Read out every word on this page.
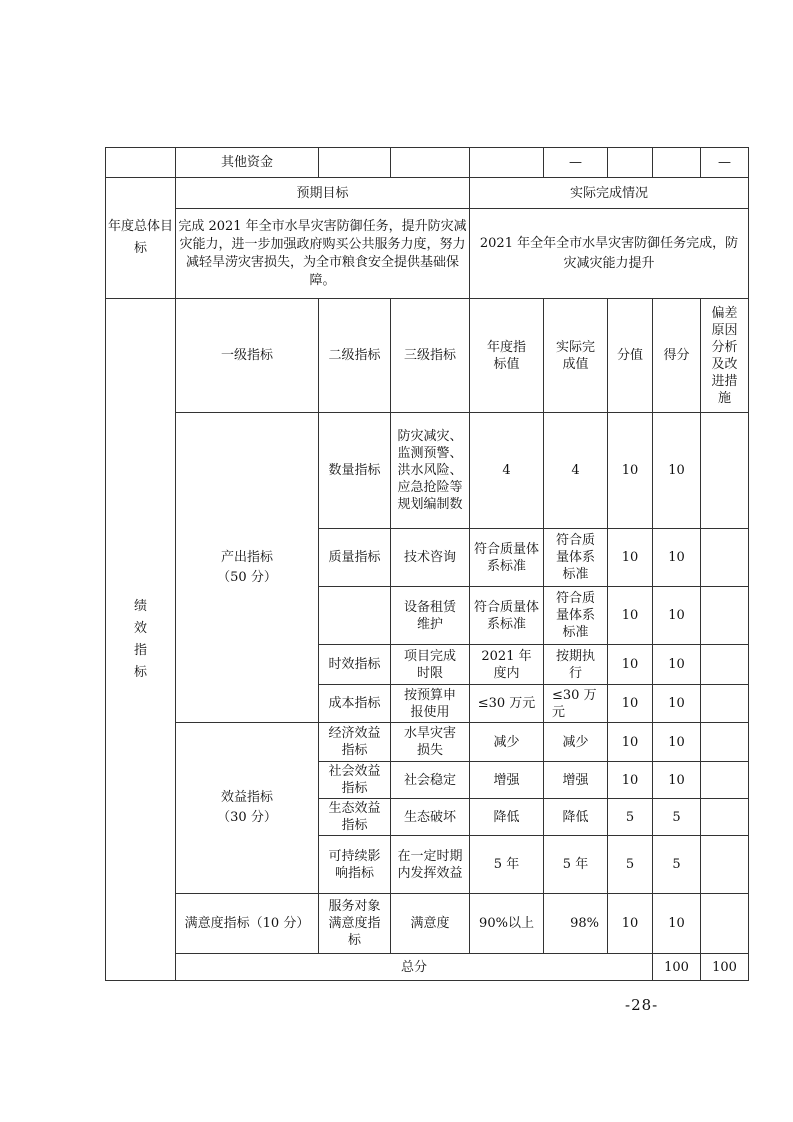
	其他资金				—			—	
年度总体目标	预期目标			实际完成情况					
	完成 2021 年全市水旱灾害防御任务，提升防灾减灾能力，进一步加强政府购买公共服务力度，努力减轻旱涝灾害损失，为全市粮食安全提供基础保障。			2021 年全年全市水旱灾害防御任务完成，防灾减灾能力提升					
绩效指标	一级指标	二级指标	三级指标	年度指标值	实际完成值	分值	得分	偏差原因分析及改进措施	
	产出指标（50 分）	数量指标	防灾减灾、监测预警、洪水风险、应急抢险等规划编制数	4	4	10	10		
		质量指标	技术咨询	符合质量体系标准	符合质量体系标准	10	10		
			设备租赁维护	符合质量体系标准	符合质量体系标准	10	10		
		时效指标	项目完成时限	2021 年度内	按期执行	10	10		
		成本指标	按预算申报使用	≤30 万元	≤30 万元	10	10		
	效益指标（30 分）	经济效益指标	水旱灾害损失	减少	减少	10	10		
		社会效益指标	社会稳定	增强	增强	10	10		
		生态效益指标	生态破坏	降低	降低	5	5		
		可持续影响指标	在一定时期内发挥效益	5 年	5 年	5	5		
	满意度指标（10 分）	服务对象满意度指标	满意度	90%以上	98%	10	10		
	总分						100	100	
-28-
